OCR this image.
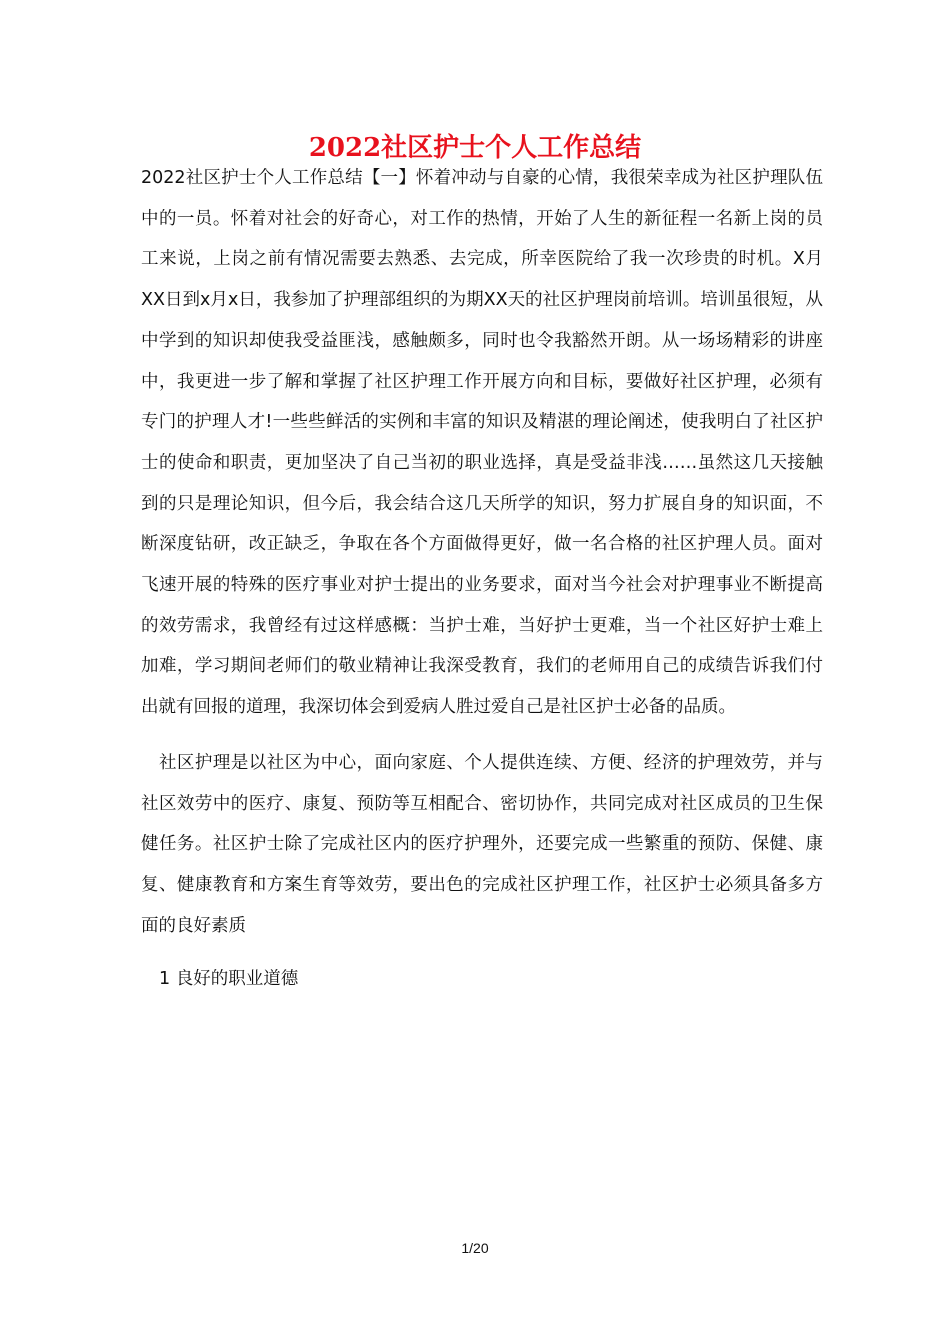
2022社区护士个人工作总结

2022社区护士个人工作总结【一】怀着冲动与自豪的心情，我很荣幸成为社区护理队伍中的一员。怀着对社会的好奇心，对工作的热情，开始了人生的新征程一名新上岗的员工来说，上岗之前有情况需要去熟悉、去完成，所幸医院给了我一次珍贵的时机。X月XX日到x月x日，我参加了护理部组织的为期XX天的社区护理岗前培训。培训虽很短，从中学到的知识却使我受益匪浅，感触颇多，同时也令我豁然开朗。从一场场精彩的讲座中，我更进一步了解和掌握了社区护理工作开展方向和目标，要做好社区护理，必须有专门的护理人才!一些些鲜活的实例和丰富的知识及精湛的理论阐述，使我明白了社区护士的使命和职责，更加坚决了自己当初的职业选择，真是受益非浅……虽然这几天接触到的只是理论知识，但今后，我会结合这几天所学的知识，努力扩展自身的知识面，不断深度钻研，改正缺乏，争取在各个方面做得更好，做一名合格的社区护理人员。面对飞速开展的特殊的医疗事业对护士提出的业务要求，面对当今社会对护理事业不断提高的效劳需求，我曾经有过这样感概：当护士难，当好护士更难，当一个社区好护士难上加难，学习期间老师们的敬业精神让我深受教育，我们的老师用自己的成绩告诉我们付出就有回报的道理，我深切体会到爱病人胜过爱自己是社区护士必备的品质。

社区护理是以社区为中心，面向家庭、个人提供连续、方便、经济的护理效劳，并与社区效劳中的医疗、康复、预防等互相配合、密切协作，共同完成对社区成员的卫生保健任务。社区护士除了完成社区内的医疗护理外，还要完成一些繁重的预防、保健、康复、健康教育和方案生育等效劳，要出色的完成社区护理工作，社区护士必须具备多方面的良好素质

1 良好的职业道德

1/20
